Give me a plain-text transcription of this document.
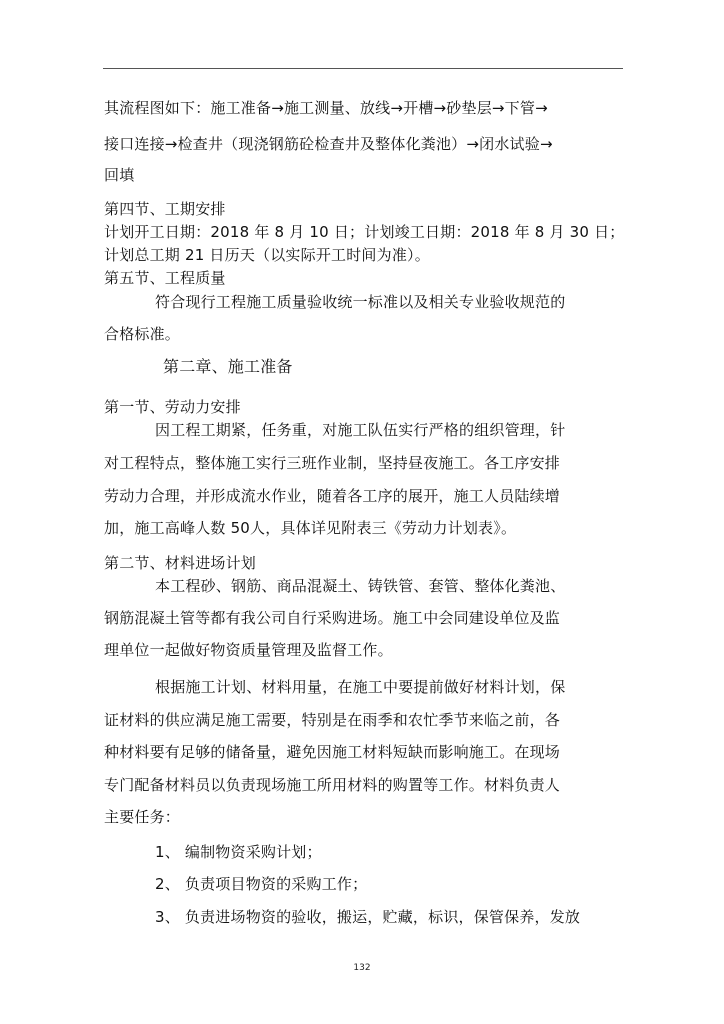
其流程图如下：施工准备→施工测量、放线→开槽→砂垫层→下管→
接口连接→检查井（现浇钢筋砼检查井及整体化粪池）→闭水试验→
回填
第四节、工期安排
计划开工日期：2018 年 8 月 10 日；计划竣工日期：2018 年 8 月 30 日；
计划总工期 21 日历天（以实际开工时间为准）。
第五节、工程质量
符合现行工程施工质量验收统一标准以及相关专业验收规范的
合格标准。
第二章、施工准备
第一节、劳动力安排
因工程工期紧，任务重，对施工队伍实行严格的组织管理，针
对工程特点，整体施工实行三班作业制，坚持昼夜施工。各工序安排
劳动力合理，并形成流水作业，随着各工序的展开，施工人员陆续增
加，施工高峰人数 50人，具体详见附表三《劳动力计划表》。
第二节、材料进场计划
本工程砂、钢筋、商品混凝土、铸铁管、套管、整体化粪池、
钢筋混凝土管等都有我公司自行采购进场。施工中会同建设单位及监
理单位一起做好物资质量管理及监督工作。
根据施工计划、材料用量，在施工中要提前做好材料计划，保
证材料的供应满足施工需要，特别是在雨季和农忙季节来临之前，各
种材料要有足够的储备量，避免因施工材料短缺而影响施工。在现场
专门配备材料员以负责现场施工所用材料的购置等工作。材料负责人
主要任务：
1、 编制物资采购计划；
2、 负责项目物资的采购工作；
3、 负责进场物资的验收，搬运，贮藏，标识，保管保养，发放
132
